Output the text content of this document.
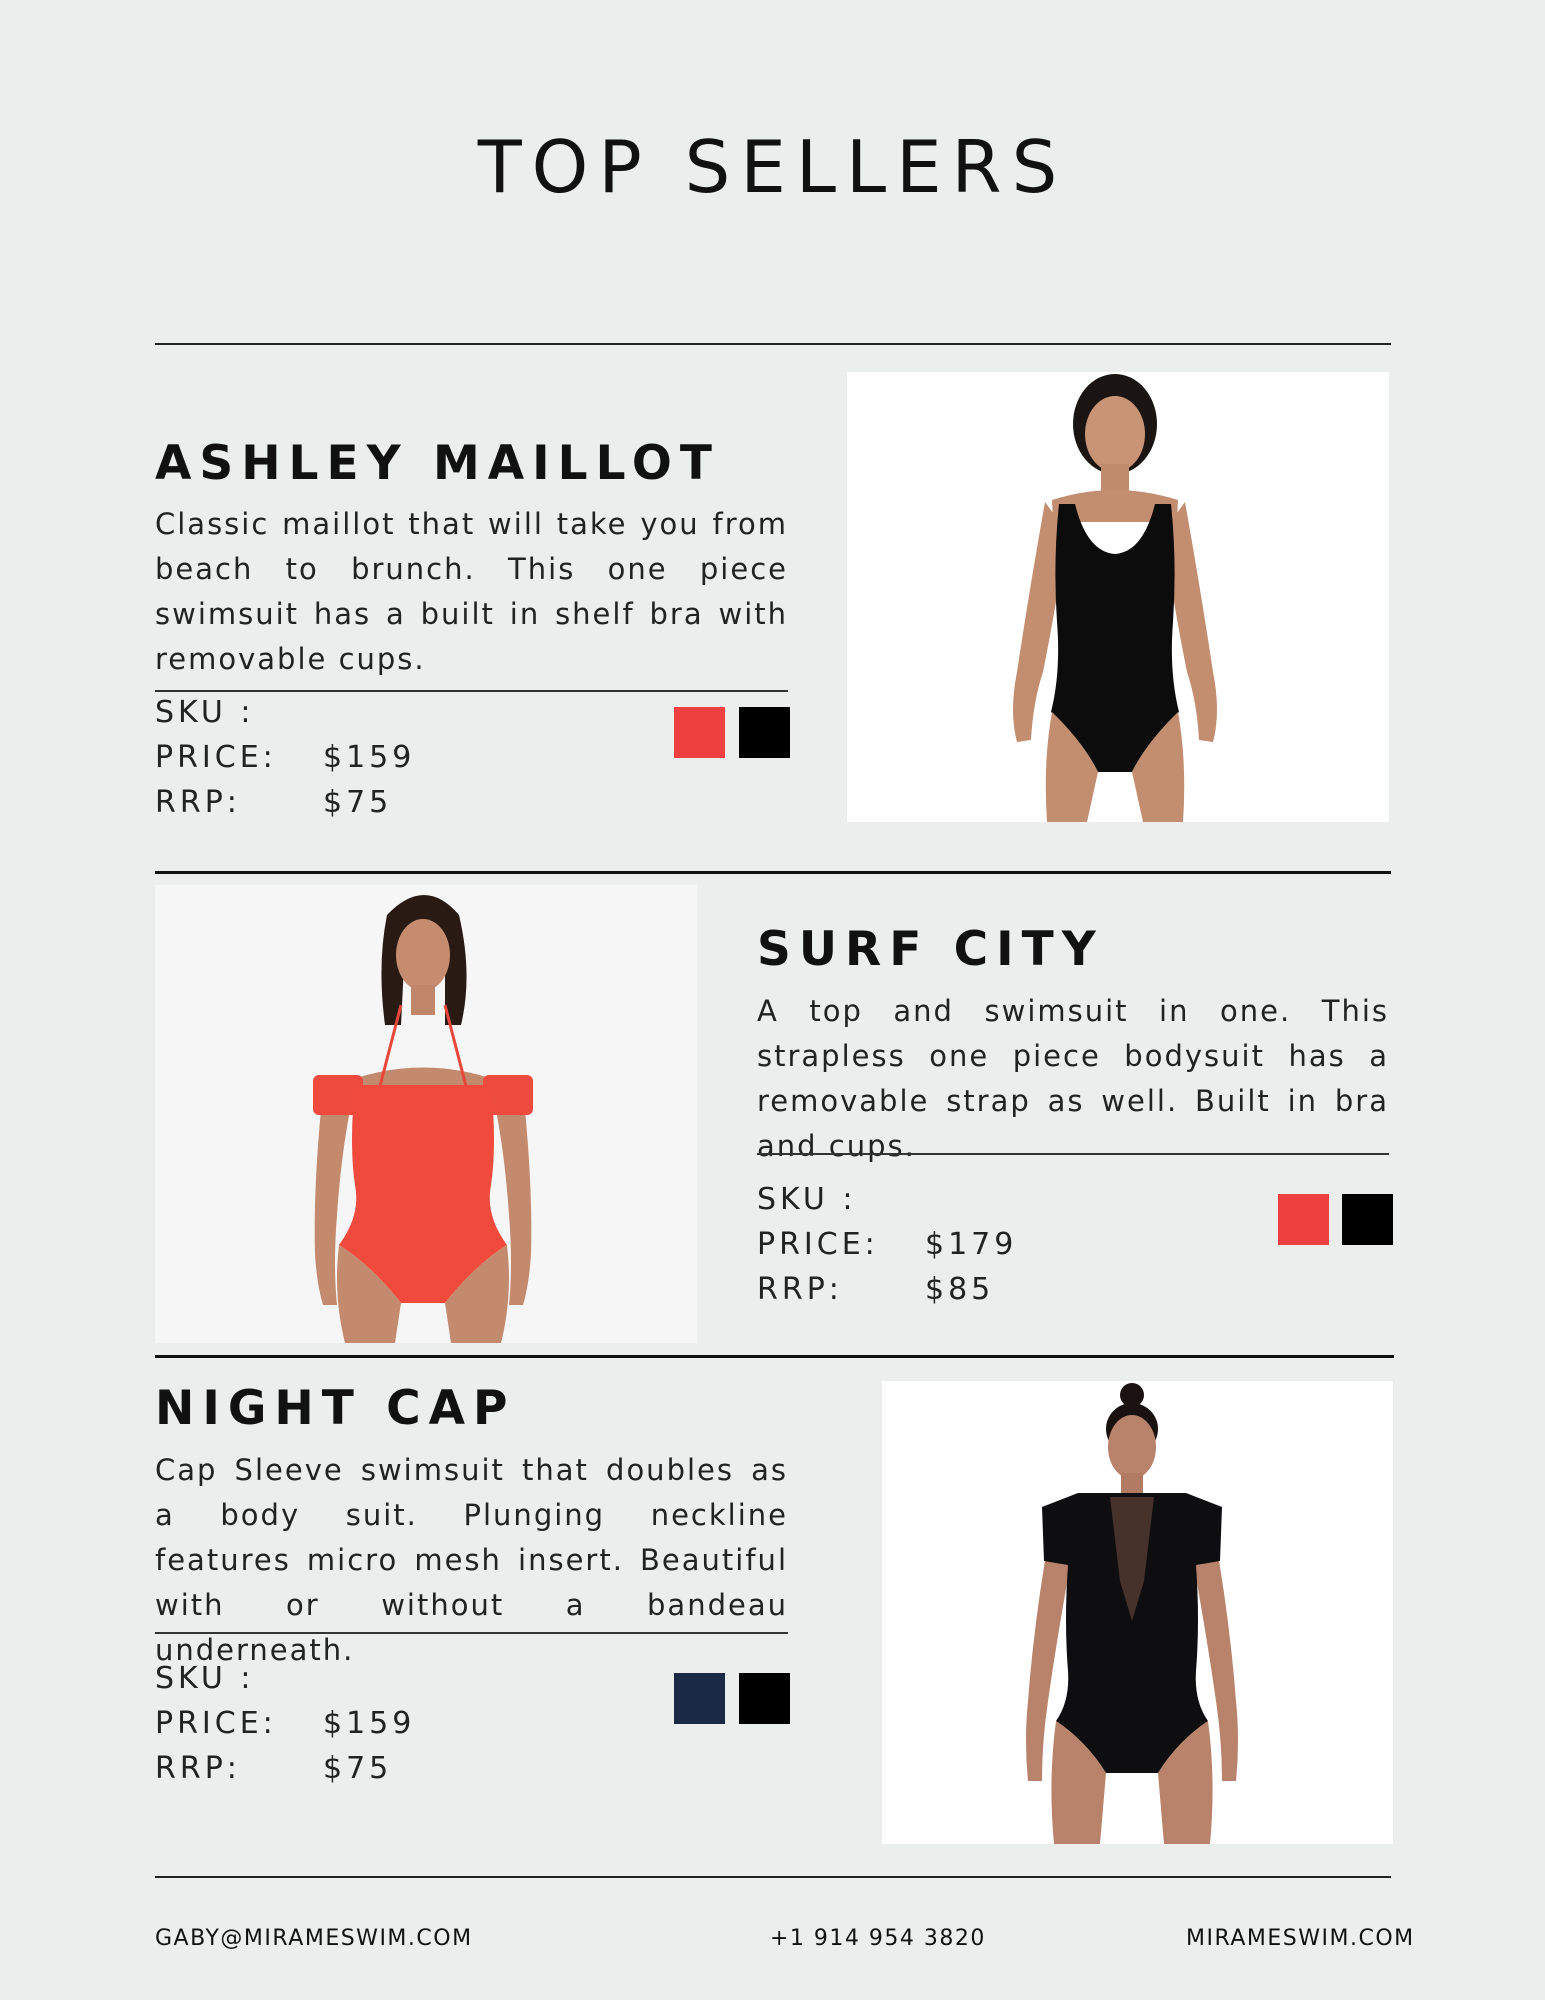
TOP SELLERS
ASHLEY MAILLOT

Classic maillot that will take you from beach to brunch. This one piece swimsuit has a built in shelf bra with removable cups.

SKU :
PRICE: $159
RRP:	$75
SURF CITY

A top and swimsuit in one. This strapless one piece bodysuit has a removable strap as well. Built in bra and cups.

SKU :
PRICE: $179
RRP:	$85
NIGHT CAP

Cap Sleeve swimsuit that doubles as a body suit. Plunging neckline features micro mesh insert. Beautiful with or without a bandeau underneath.

SKU :
PRICE: $159
RRP:	$75
GABY@MIRAMESWIM.COM	+1 914 954 3820	MIRAMESWIM.COM
